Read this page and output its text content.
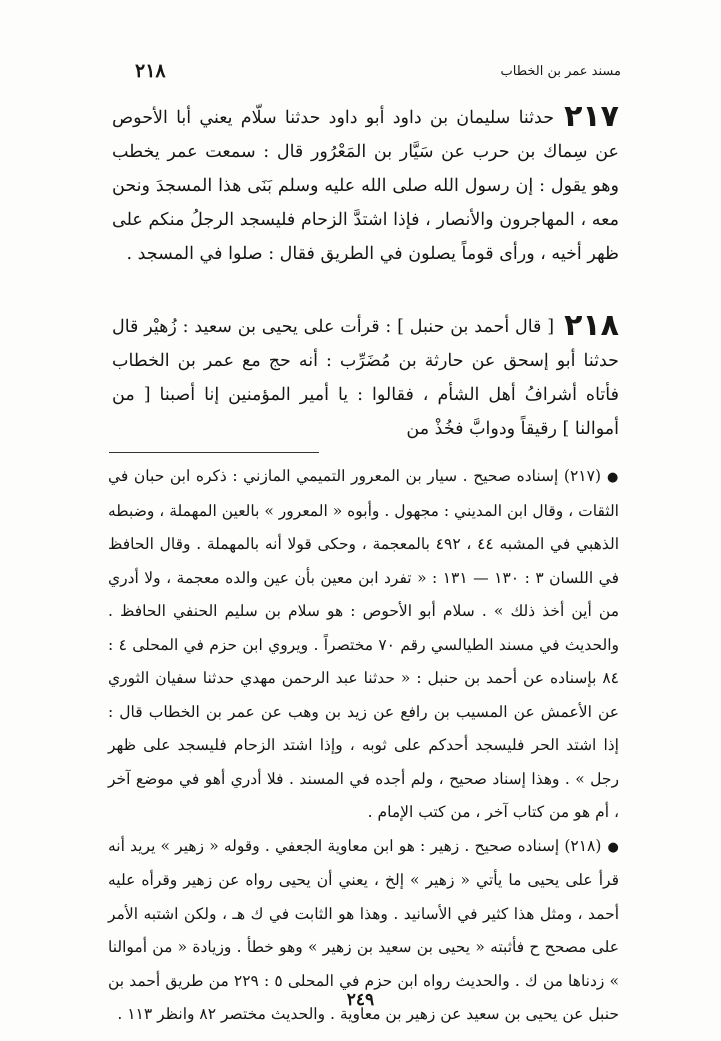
مسند عمر بن الخطاب
٢١٨

٢١٧حدثنا سليمان بن داود أبو داود حدثنا سلّام يعني أبا الأحوص عن سِماك بن حرب عن سَيَّار بن المَعْرُور قال : سمعت عمر يخطب وهو يقول : إن رسول الله صلى الله عليه وسلم بَنَى هذا المسجدَ ونحن معه ، المهاجرون والأنصار ، فإذا اشتدَّ الزحام فليسجد الرجلُ منكم على ظهر أخيه ، ورأى قوماً يصلون في الطريق فقال : صلوا في المسجد .

٢١٨[ قال أحمد بن حنبل ] : قرأت على يحيى بن سعيد : زُهيْر قال حدثنا أبو إسحق عن حارثة بن مُضَرِّب : أنه حج مع عمر بن الخطاب فأتاه أشرافُ أهل الشأم ، فقالوا : يا أمير المؤمنين إنا أصبنا [ من أموالنا ] رقيقاً ودوابَّ فخُذْ من

●(٢١٧) إسناده صحيح . سيار بن المعرور التميمي المازني : ذكره ابن حبان في الثقات ، وقال ابن المديني : مجهول . وأبوه « المعرور » بالعين المهملة ، وضبطه الذهبي في المشبه ٤٤ ، ٤٩٢ بالمعجمة ، وحكى قولا أنه بالمهملة . وقال الحافظ في اللسان ٣ : ١٣٠ — ١٣١ : « تفرد ابن معين بأن عين والده معجمة ، ولا أدري من أين أخذ ذلك » . سلام أبو الأحوص : هو سلام بن سليم الحنفي الحافظ . والحديث في مسند الطيالسي رقم ٧٠ مختصراً . ويروي ابن حزم في المحلى ٤ : ٨٤ بإسناده عن أحمد بن حنبل : « حدثنا عبد الرحمن مهدي حدثنا سفيان الثوري عن الأعمش عن المسيب بن رافع عن زيد بن وهب عن عمر بن الخطاب قال : إذا اشتد الحر فليسجد أحدكم على ثوبه ، وإذا اشتد الزحام فليسجد على ظهر رجل » . وهذا إسناد صحيح ، ولم أجده في المسند . فلا أدري أهو في موضع آخر ، أم هو من كتاب آخر ، من كتب الإمام .

●(٢١٨) إسناده صحيح . زهير : هو ابن معاوية الجعفي . وقوله « زهير » يريد أنه قرأ على يحيى ما يأتي « زهير » إلخ ، يعني أن يحيى رواه عن زهير وقرأه عليه أحمد ، ومثل هذا كثير في الأسانيد . وهذا هو الثابت في ك هـ ، ولكن اشتبه الأمر على مصحح ح فأثبته « يحيى بن سعيد بن زهير » وهو خطأ . وزيادة « من أموالنا » زدناها من ك . والحديث رواه ابن حزم في المحلى ٥ : ٢٢٩ من طريق أحمد بن حنبل عن يحيى بن سعيد عن زهير بن معاوية . والحديث مختصر ٨٢ وانظر ١١٣ .

٢٤٩
